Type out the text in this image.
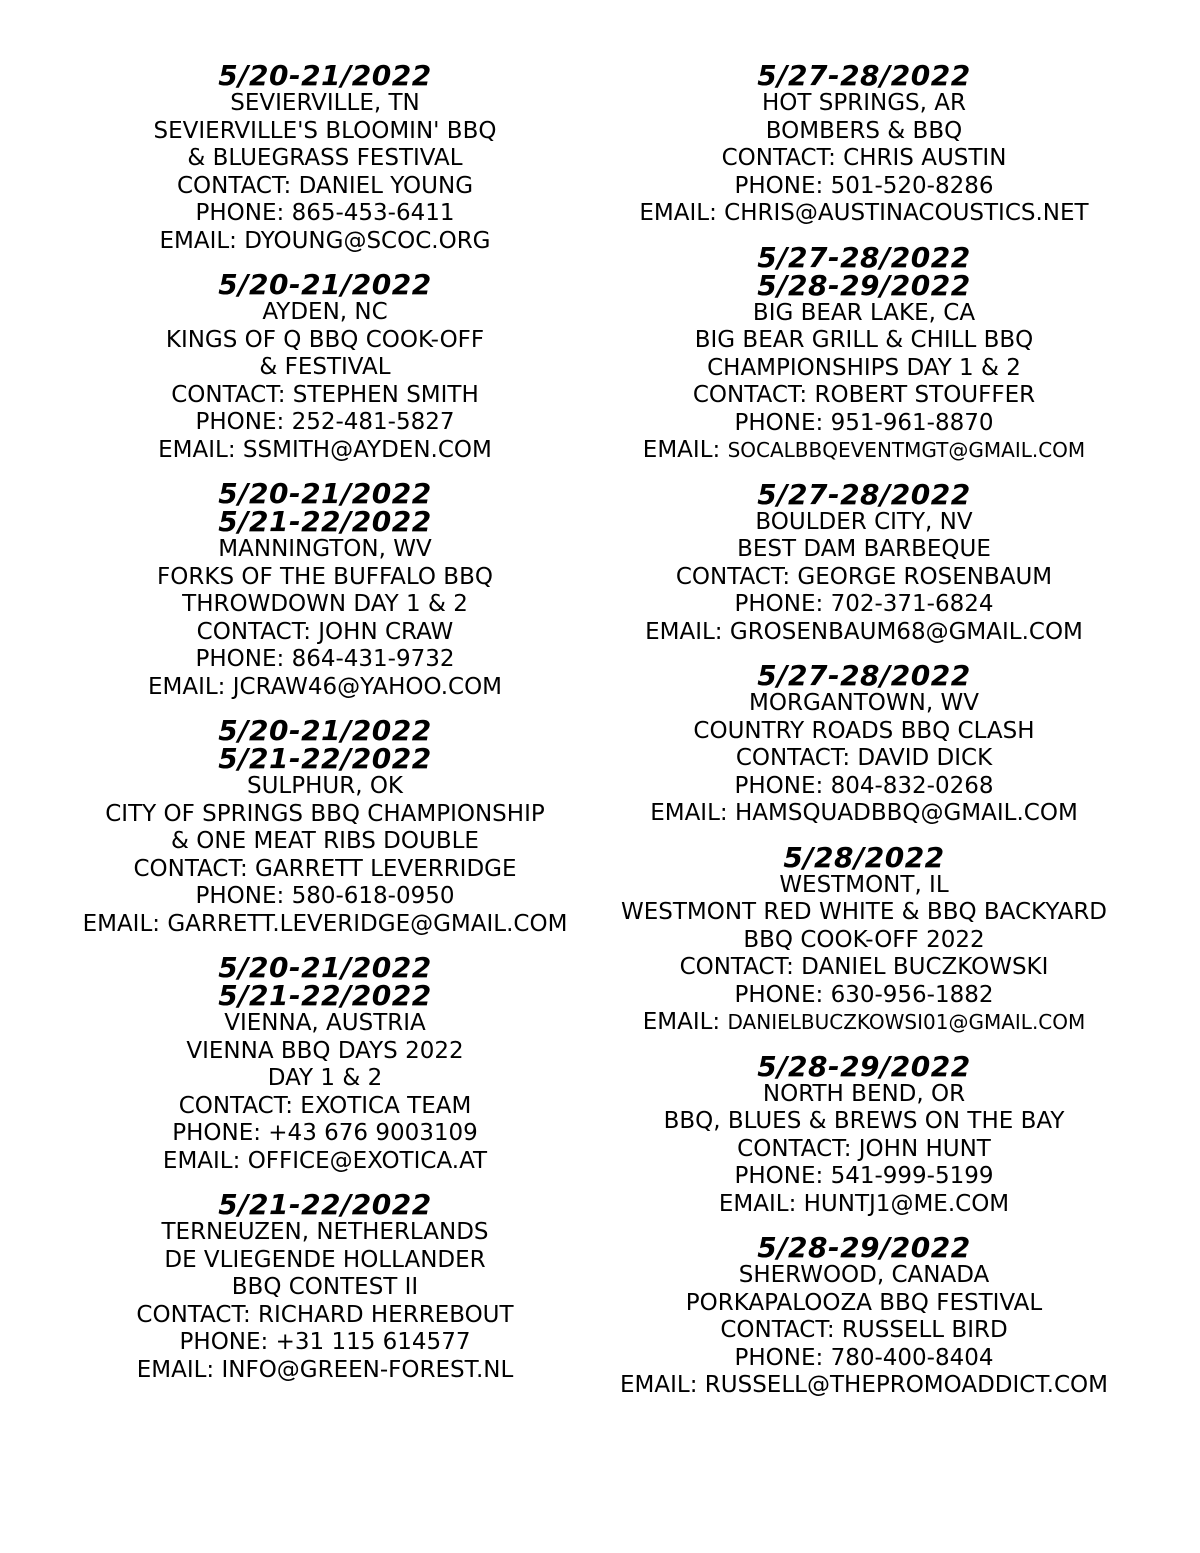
5/20-21/2022
SEVIERVILLE, TN
SEVIERVILLE'S BLOOMIN' BBQ
& BLUEGRASS FESTIVAL
CONTACT: DANIEL YOUNG
PHONE: 865-453-6411
EMAIL: DYOUNG@SCOC.ORG
5/20-21/2022
AYDEN, NC
KINGS OF Q BBQ COOK-OFF
& FESTIVAL
CONTACT: STEPHEN SMITH
PHONE: 252-481-5827
EMAIL: SSMITH@AYDEN.COM
5/20-21/2022
5/21-22/2022
MANNINGTON, WV
FORKS OF THE BUFFALO BBQ
THROWDOWN DAY 1 & 2
CONTACT: JOHN CRAW
PHONE: 864-431-9732
EMAIL: JCRAW46@YAHOO.COM
5/20-21/2022
5/21-22/2022
SULPHUR, OK
CITY OF SPRINGS BBQ CHAMPIONSHIP
& ONE MEAT RIBS DOUBLE
CONTACT: GARRETT LEVERRIDGE
PHONE: 580-618-0950
EMAIL: GARRETT.LEVERIDGE@GMAIL.COM
5/20-21/2022
5/21-22/2022
VIENNA, AUSTRIA
VIENNA BBQ DAYS 2022
DAY 1 & 2
CONTACT: EXOTICA TEAM
PHONE: +43 676 9003109
EMAIL: OFFICE@EXOTICA.AT
5/21-22/2022
TERNEUZEN, NETHERLANDS
DE VLIEGENDE HOLLANDER
BBQ CONTEST II
CONTACT: RICHARD HERREBOUT
PHONE: +31 115 614577
EMAIL: INFO@GREEN-FOREST.NL
5/27-28/2022
HOT SPRINGS, AR
BOMBERS & BBQ
CONTACT: CHRIS AUSTIN
PHONE: 501-520-8286
EMAIL: CHRIS@AUSTINACOUSTICS.NET
5/27-28/2022
5/28-29/2022
BIG BEAR LAKE, CA
BIG BEAR GRILL & CHILL BBQ
CHAMPIONSHIPS DAY 1 & 2
CONTACT: ROBERT STOUFFER
PHONE: 951-961-8870
EMAIL: SOCALBBQEVENTMGT@GMAIL.COM
5/27-28/2022
BOULDER CITY, NV
BEST DAM BARBEQUE
CONTACT: GEORGE ROSENBAUM
PHONE: 702-371-6824
EMAIL: GROSENBAUM68@GMAIL.COM
5/27-28/2022
MORGANTOWN, WV
COUNTRY ROADS BBQ CLASH
CONTACT: DAVID DICK
PHONE: 804-832-0268
EMAIL: HAMSQUADBBQ@GMAIL.COM
5/28/2022
WESTMONT, IL
WESTMONT RED WHITE & BBQ BACKYARD
BBQ COOK-OFF 2022
CONTACT: DANIEL BUCZKOWSKI
PHONE: 630-956-1882
EMAIL: DANIELBUCZKOWSI01@GMAIL.COM
5/28-29/2022
NORTH BEND, OR
BBQ, BLUES & BREWS ON THE BAY
CONTACT: JOHN HUNT
PHONE: 541-999-5199
EMAIL: HUNTJ1@ME.COM
5/28-29/2022
SHERWOOD, CANADA
PORKAPALOOZA BBQ FESTIVAL
CONTACT: RUSSELL BIRD
PHONE: 780-400-8404
EMAIL: RUSSELL@THEPROMOADDICT.COM
